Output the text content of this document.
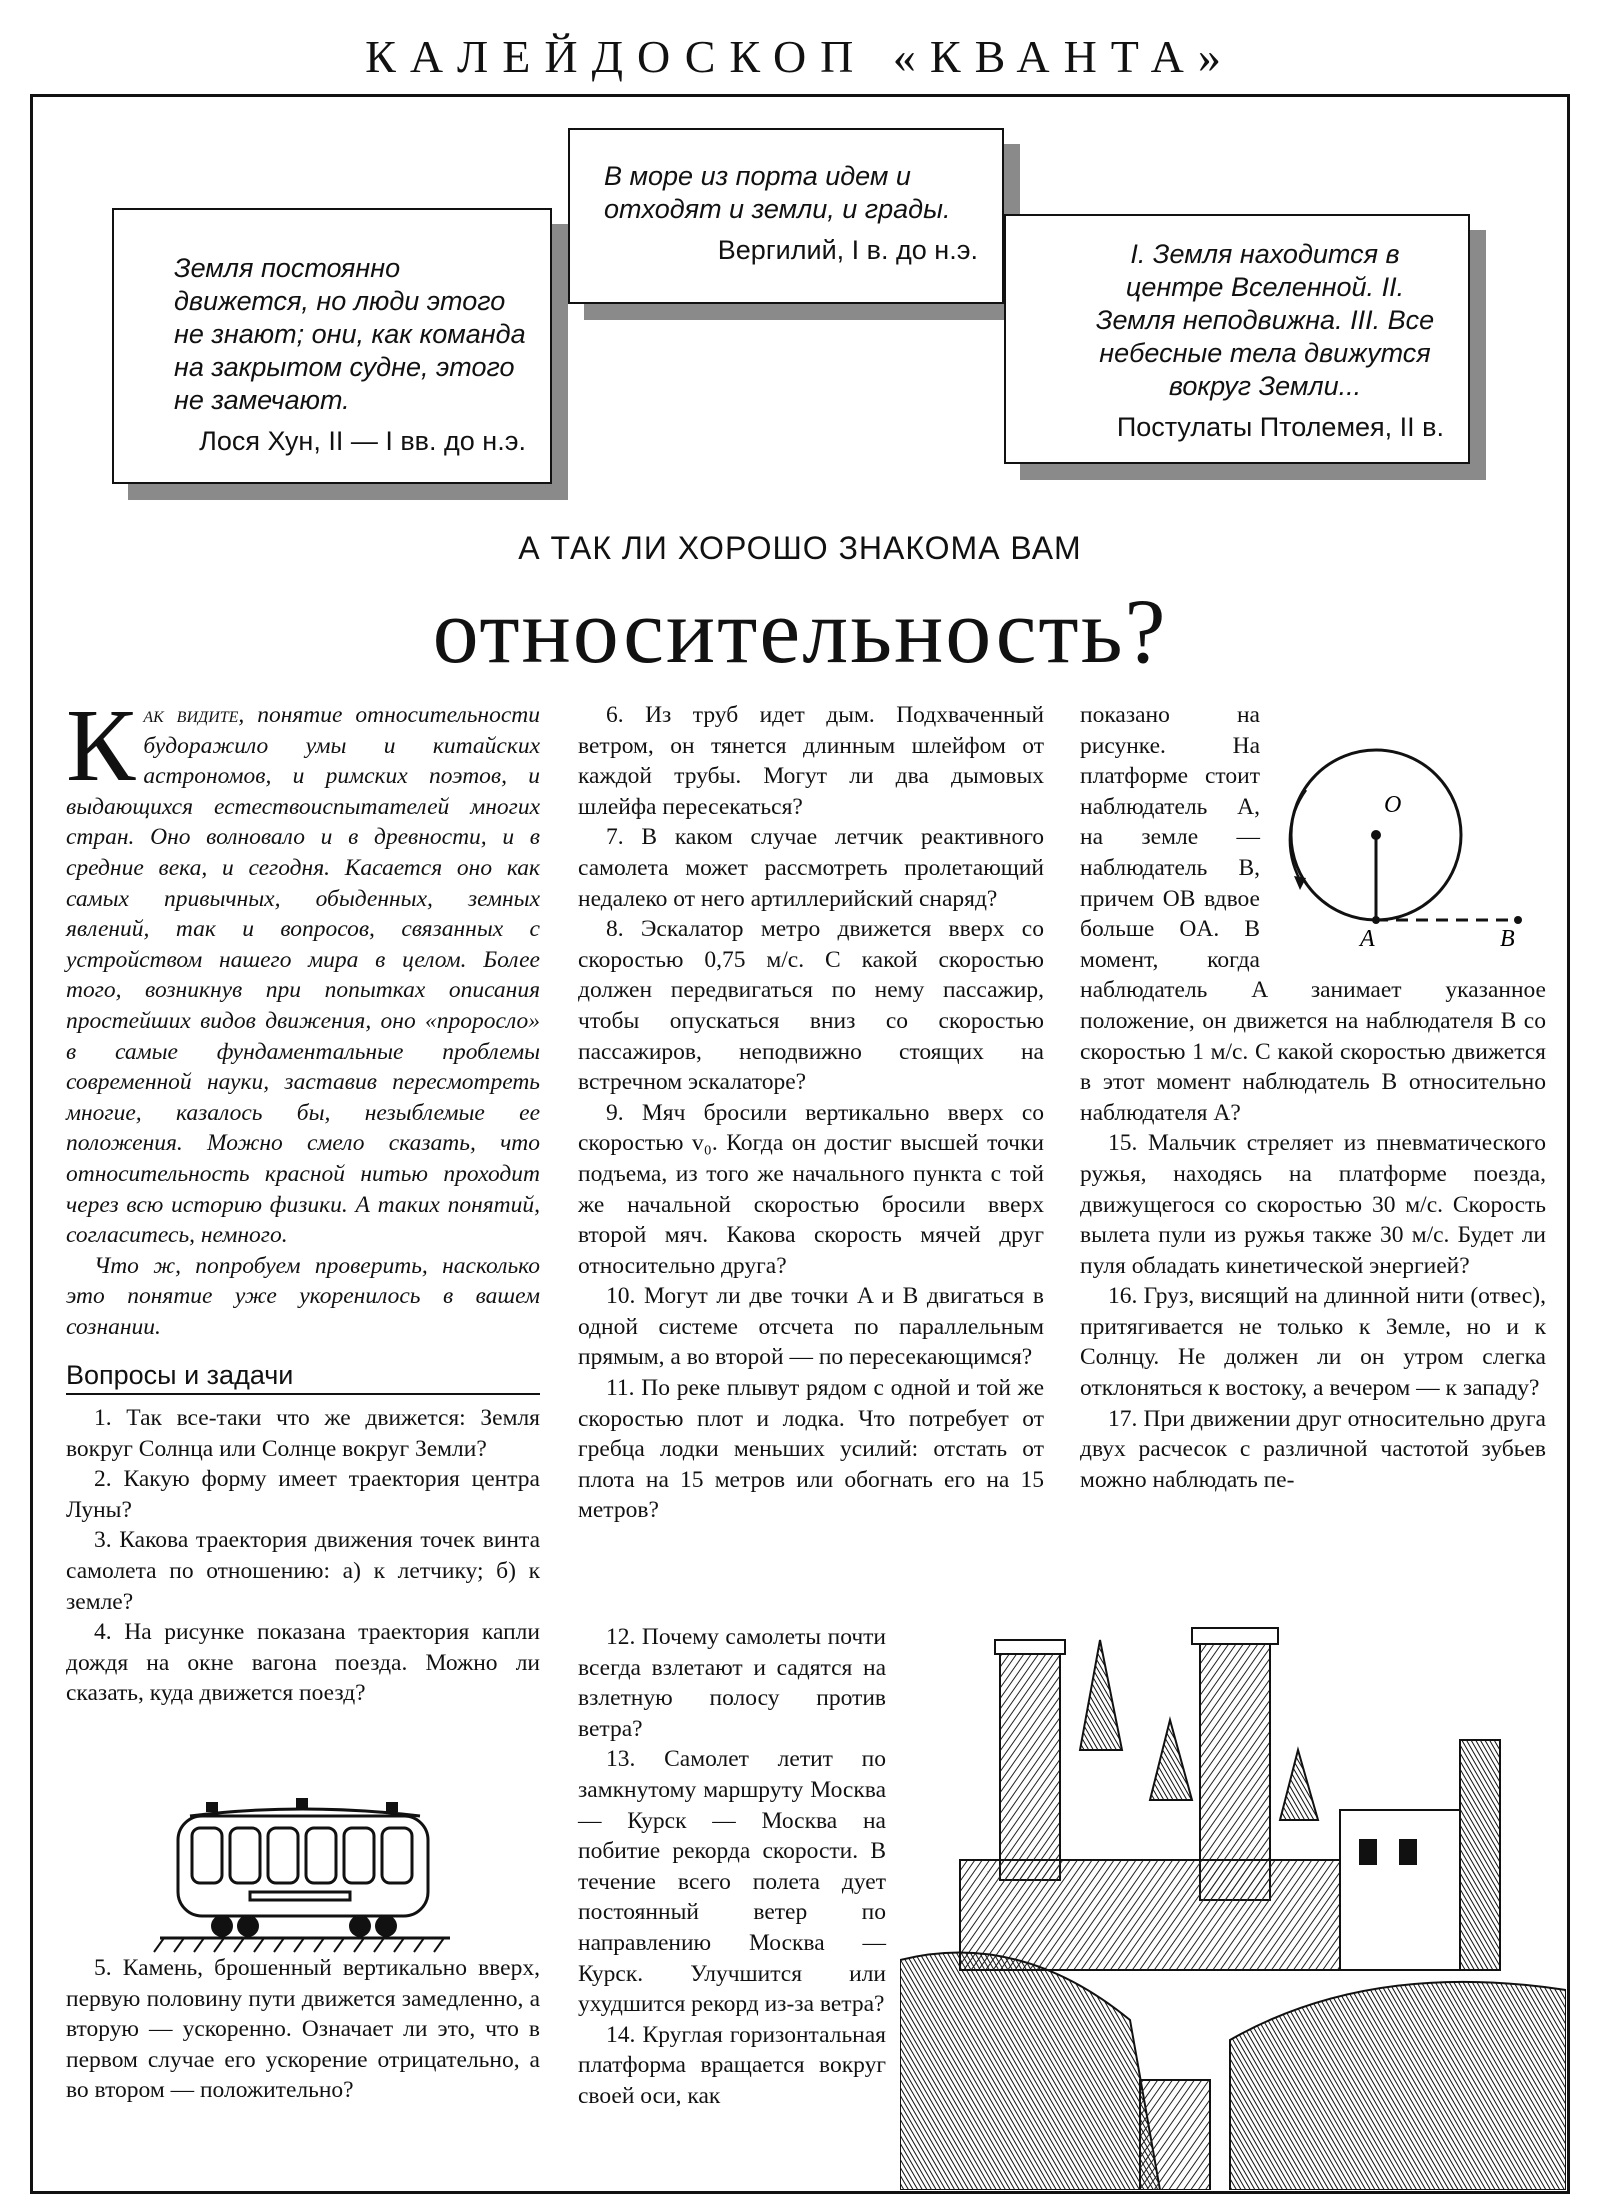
КАЛЕЙДОСКОП «КВАНТА»
Земля постоянно движется, но люди этого не знают; они, как команда на закрытом судне, этого не замечают.
Лося Хун, II — I вв. до н.э.
В море из порта идем и отходят и земли, и грады.
Вергилий, I в. до н.э.	I. Земля находится в центре Вселенной. II. Земля неподвижна. III. Все небесные тела движутся вокруг Земли...
Постулаты Птолемея, II в.
А ТАК ЛИ ХОРОШО ЗНАКОМА ВАМ
относительность?

Как видите, понятие относительности будоражило умы и китайских астрономов, и римских поэтов, и выдающихся естествоиспытателей многих стран. Оно волновало и в древности, и в средние века, и сегодня. Касается оно как самых привычных, обыденных, земных явлений, так и вопросов, связанных с устройством нашего мира в целом. Более того, возникнув при попытках описания простейших видов движения, оно «проросло» в самые фундаментальные проблемы современной науки, заставив пересмотреть многие, казалось бы, незыблемые ее положения. Можно смело сказать, что относительность красной нитью проходит через всю историю физики. А таких понятий, согласитесь, немного.

Что ж, попробуем проверить, насколько это понятие уже укоренилось в вашем сознании.

Вопросы и задачи

1. Так все-таки что же движется: Земля вокруг Солнца или Солнце вокруг Земли?

2. Какую форму имеет траектория центра Луны?

3. Какова траектория движения точек винта самолета по отношению: а) к летчику; б) к земле?

4. На рисунке показана траектория капли дождя на окне вагона поезда. Можно ли сказать, куда движется поезд?

5. Камень, брошенный вертикально вверх, первую половину пути движется замедленно, а вторую — ускоренно. Означает ли это, что в первом случае его ускорение отрицательно, а во втором — положительно?

6. Из труб идет дым. Подхваченный ветром, он тянется длинным шлейфом от каждой трубы. Могут ли два дымовых шлейфа пересекаться?

7. В каком случае летчик реактивного самолета может рассмотреть пролетающий недалеко от него артиллерийский снаряд?

8. Эскалатор метро движется вверх со скоростью 0,75 м/с. С какой скоростью должен передвигаться по нему пассажир, чтобы опускаться вниз со скоростью пассажиров, неподвижно стоящих на встречном эскалаторе?

9. Мяч бросили вертикально вверх со скоростью v₀. Когда он достиг высшей точки подъема, из того же начального пункта с той же начальной скоростью бросили вверх второй мяч. Какова скорость мячей друг относительно друга?

10. Могут ли две точки A и B двигаться в одной системе отсчета по параллельным прямым, а во второй — по пересекающимся?

11. По реке плывут рядом с одной и той же скоростью плот и лодка. Что потребует от гребца лодки меньших усилий: отстать от плота на 15 метров или обогнать его на 15 метров?

12. Почему самолеты почти всегда взлетают и садятся на взлетную полосу против ветра?

13. Самолет летит по замкнутому маршруту Москва — Курск — Москва на побитие рекорда скорости. В течение всего полета дует постоянный ветер по направлению Москва — Курск. Улучшится или ухудшится рекорд из-за ветра?

14. Круглая горизонтальная платформа вращается вокруг своей оси, как

O
A	B

показано на рисунке. На платформе стоит наблюдатель A, на земле — наблюдатель B, причем OB вдвое больше OA. В момент, когда наблюдатель A занимает указанное положение, он движется на наблюдателя B со скоростью 1 м/с. С какой скоростью движется в этот момент наблюдатель B относительно наблюдателя A?

15. Мальчик стреляет из пневматического ружья, находясь на платформе поезда, движущегося со скоростью 30 м/с. Скорость вылета пули из ружья также 30 м/с. Будет ли пуля обладать кинетической энергией?

16. Груз, висящий на длинной нити (отвес), притягивается не только к Земле, но и к Солнцу. Не должен ли он утром слегка отклоняться к востоку, а вечером — к западу?

17. При движении друг относительно друга двух расчесок с различной частотой зубьев можно наблюдать пе-
